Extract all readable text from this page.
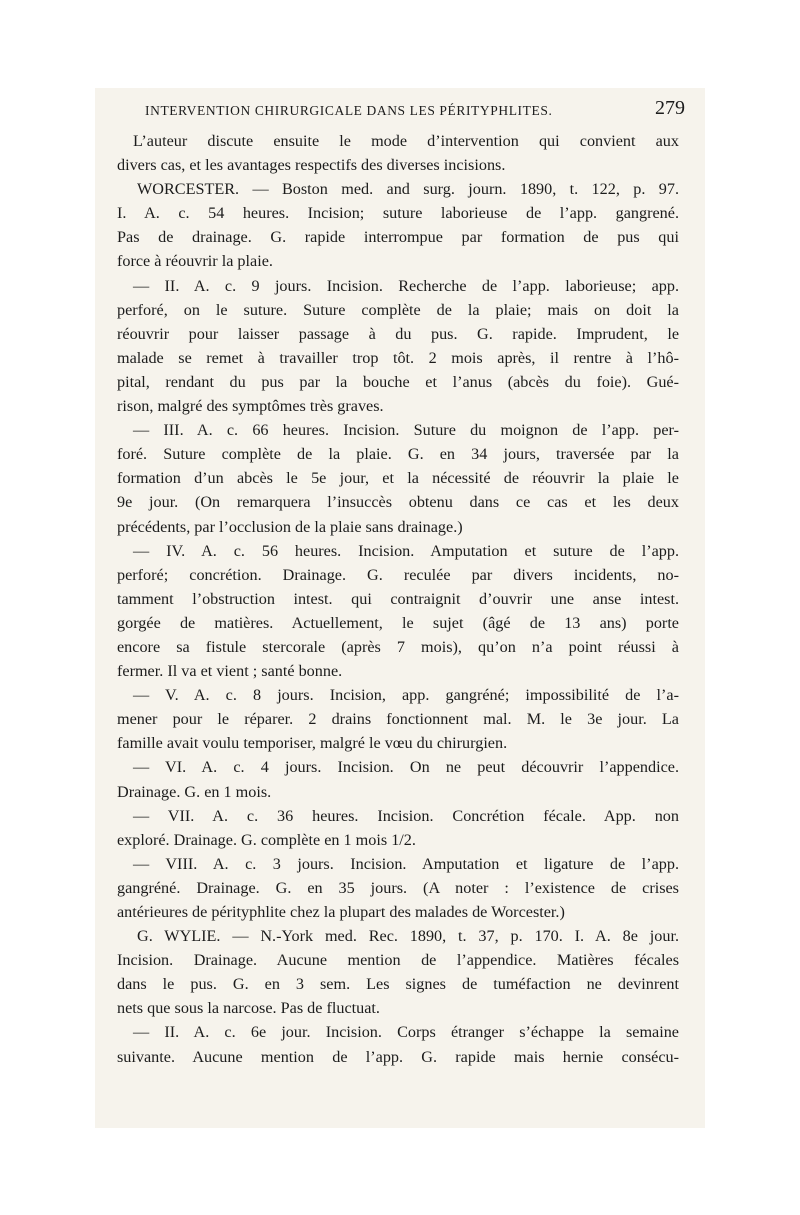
INTERVENTION CHIRURGICALE DANS LES PÉRITYPHLITES.	279
L’auteur discute ensuite le mode d’intervention qui convient aux
divers cas, et les avantages respectifs des diverses incisions.
WORCESTER. — Boston med. and surg. journ. 1890, t. 122, p. 97.
I. A. c. 54 heures. Incision; suture laborieuse de l’app. gangrené.
Pas de drainage. G. rapide interrompue par formation de pus qui
force à réouvrir la plaie.
— II. A. c. 9 jours. Incision. Recherche de l’app. laborieuse; app.
perforé, on le suture. Suture complète de la plaie; mais on doit la
réouvrir pour laisser passage à du pus. G. rapide. Imprudent, le
malade se remet à travailler trop tôt. 2 mois après, il rentre à l’hô-
pital, rendant du pus par la bouche et l’anus (abcès du foie). Gué-
rison, malgré des symptômes très graves.
— III. A. c. 66 heures. Incision. Suture du moignon de l’app. per-
foré. Suture complète de la plaie. G. en 34 jours, traversée par la
formation d’un abcès le 5e jour, et la nécessité de réouvrir la plaie le
9e jour. (On remarquera l’insuccès obtenu dans ce cas et les deux
précédents, par l’occlusion de la plaie sans drainage.)
— IV. A. c. 56 heures. Incision. Amputation et suture de l’app.
perforé; concrétion. Drainage. G. reculée par divers incidents, no-
tamment l’obstruction intest. qui contraignit d’ouvrir une anse intest.
gorgée de matières. Actuellement, le sujet (âgé de 13 ans) porte
encore sa fistule stercorale (après 7 mois), qu’on n’a point réussi à
fermer. Il va et vient ; santé bonne.
— V. A. c. 8 jours. Incision, app. gangréné; impossibilité de l’a-
mener pour le réparer. 2 drains fonctionnent mal. M. le 3e jour. La
famille avait voulu temporiser, malgré le vœu du chirurgien.
— VI. A. c. 4 jours. Incision. On ne peut découvrir l’appendice.
Drainage. G. en 1 mois.
— VII. A. c. 36 heures. Incision. Concrétion fécale. App. non
exploré. Drainage. G. complète en 1 mois 1/2.
— VIII. A. c. 3 jours. Incision. Amputation et ligature de l’app.
gangréné. Drainage. G. en 35 jours. (A noter : l’existence de crises
antérieures de pérityphlite chez la plupart des malades de Worcester.)
G. WYLIE. — N.-York med. Rec. 1890, t. 37, p. 170. I. A. 8e jour.
Incision. Drainage. Aucune mention de l’appendice. Matières fécales
dans le pus. G. en 3 sem. Les signes de tuméfaction ne devinrent
nets que sous la narcose. Pas de fluctuat.
— II. A. c. 6e jour. Incision. Corps étranger s’échappe la semaine
suivante. Aucune mention de l’app. G. rapide mais hernie consécu-
